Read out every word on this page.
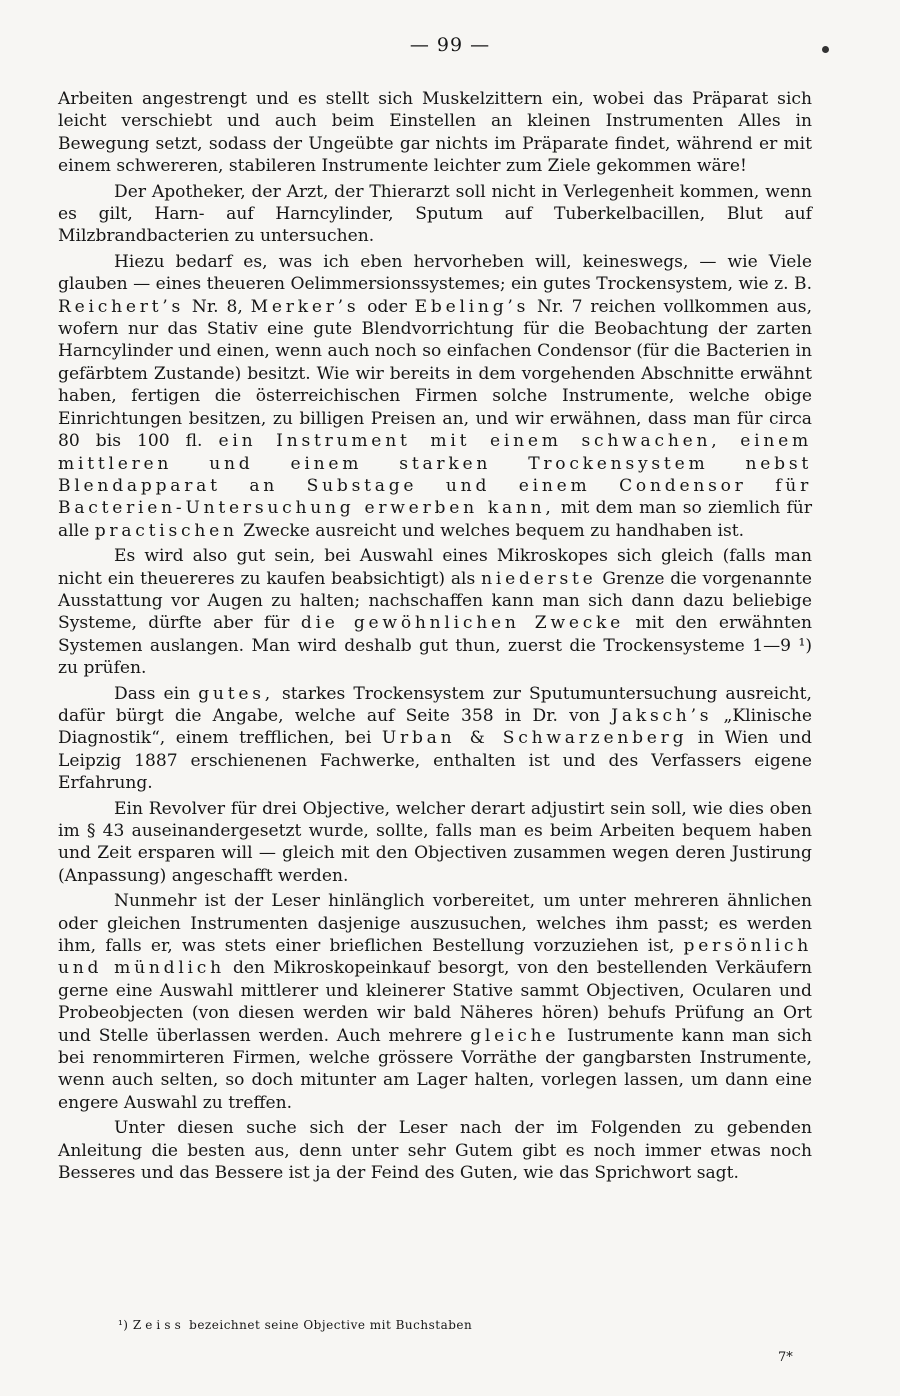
— 99 —

Arbeiten angestrengt und es stellt sich Muskelzittern ein, wobei das Präparat sich leicht verschiebt und auch beim Einstellen an kleinen Instrumenten Alles in Bewegung setzt, sodass der Ungeübte gar nichts im Präparate findet, während er mit einem schwereren, stabileren Instrumente leichter zum Ziele gekommen wäre!

Der Apotheker, der Arzt, der Thierarzt soll nicht in Verlegenheit kommen, wenn es gilt, Harn- auf Harncylinder, Sputum auf Tuberkelbacillen, Blut auf Milzbrandbacterien zu untersuchen.

Hiezu bedarf es, was ich eben hervorheben will, keineswegs, — wie Viele glauben — eines theueren Oelimmersionssystemes; ein gutes Trockensystem, wie z. B. Reichert’s Nr. 8, Merker’s oder Ebeling’s Nr. 7 reichen vollkommen aus, wofern nur das Stativ eine gute Blendvorrichtung für die Beobachtung der zarten Harncylinder und einen, wenn auch noch so einfachen Condensor (für die Bacterien in gefärbtem Zustande) besitzt. Wie wir bereits in dem vorgehenden Abschnitte erwähnt haben, fertigen die österreichischen Firmen solche Instrumente, welche obige Einrichtungen besitzen, zu billigen Preisen an, und wir erwähnen, dass man für circa 80 bis 100 fl. ein Instrument mit einem schwachen, einem mittleren und einem starken Trockensystem nebst Blendapparat an Substage und einem Condensor für Bacterien-Untersuchung erwerben kann, mit dem man so ziemlich für alle practischen Zwecke ausreicht und welches bequem zu handhaben ist.

Es wird also gut sein, bei Auswahl eines Mikroskopes sich gleich (falls man nicht ein theuereres zu kaufen beabsichtigt) als niederste Grenze die vorgenannte Ausstattung vor Augen zu halten; nachschaffen kann man sich dann dazu beliebige Systeme, dürfte aber für die gewöhnlichen Zwecke mit den erwähnten Systemen auslangen. Man wird deshalb gut thun, zuerst die Trockensysteme 1—9 ¹) zu prüfen.

Dass ein gutes, starkes Trockensystem zur Sputumuntersuchung ausreicht, dafür bürgt die Angabe, welche auf Seite 358 in Dr. von Jaksch’s „Klinische Diagnostik“, einem trefflichen, bei Urban & Schwarzenberg in Wien und Leipzig 1887 erschienenen Fachwerke, enthalten ist und des Verfassers eigene Erfahrung.

Ein Revolver für drei Objective, welcher derart adjustirt sein soll, wie dies oben im § 43 auseinandergesetzt wurde, sollte, falls man es beim Arbeiten bequem haben und Zeit ersparen will — gleich mit den Objectiven zusammen wegen deren Justirung (Anpassung) angeschafft werden.

Nunmehr ist der Leser hinlänglich vorbereitet, um unter mehreren ähnlichen oder gleichen Instrumenten dasjenige auszusuchen, welches ihm passt; es werden ihm, falls er, was stets einer brieflichen Bestellung vorzuziehen ist, persönlich und mündlich den Mikroskopeinkauf besorgt, von den bestellenden Verkäufern gerne eine Auswahl mittlerer und kleinerer Stative sammt Objectiven, Ocularen und Probeobjecten (von diesen werden wir bald Näheres hören) behufs Prüfung an Ort und Stelle überlassen werden. Auch mehrere gleiche Iustrumente kann man sich bei renommirteren Firmen, welche grössere Vorräthe der gangbarsten Instrumente, wenn auch selten, so doch mitunter am Lager halten, vorlegen lassen, um dann eine engere Auswahl zu treffen.

Unter diesen suche sich der Leser nach der im Folgenden zu gebenden Anleitung die besten aus, denn unter sehr Gutem gibt es noch immer etwas noch Besseres und das Bessere ist ja der Feind des Guten, wie das Sprichwort sagt.

¹) Zeiss bezeichnet seine Objective mit Buchstaben
7*
